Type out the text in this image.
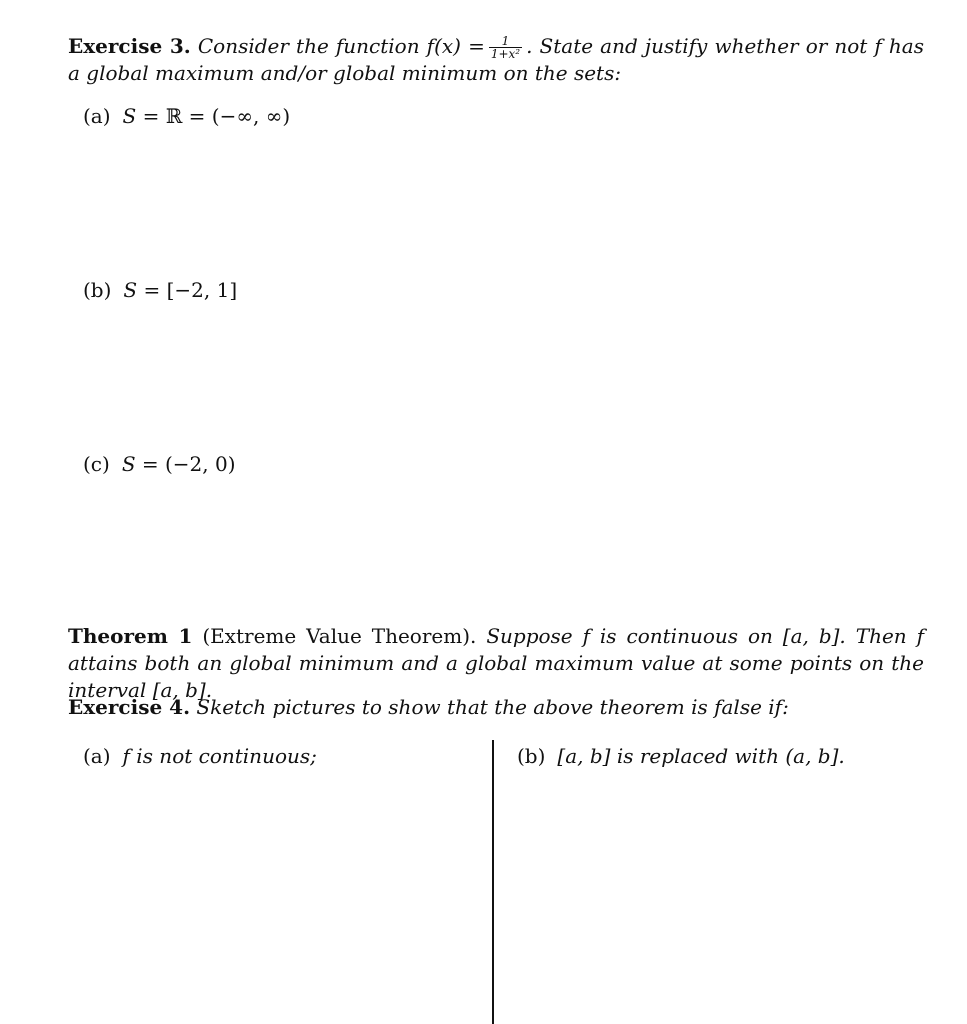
Exercise 3. Consider the function $f(x) = \frac{1}{\text{1+x²}}$ . State and justify whether or not f has a global maximum and/or global minimum on the sets:
(a) S = ℝ = (−∞, ∞)
(b) S = [−2, 1]
(c) S = (−2, 0)
Theorem 1 (Extreme Value Theorem). Suppose f is continuous on [a, b]. Then f attains both an global minimum and a global maximum value at some points on the interval [a, b].
Exercise 4. Sketch pictures to show that the above theorem is false if:
(a) f is not continuous;	(b) [a, b] is replaced with (a, b].
